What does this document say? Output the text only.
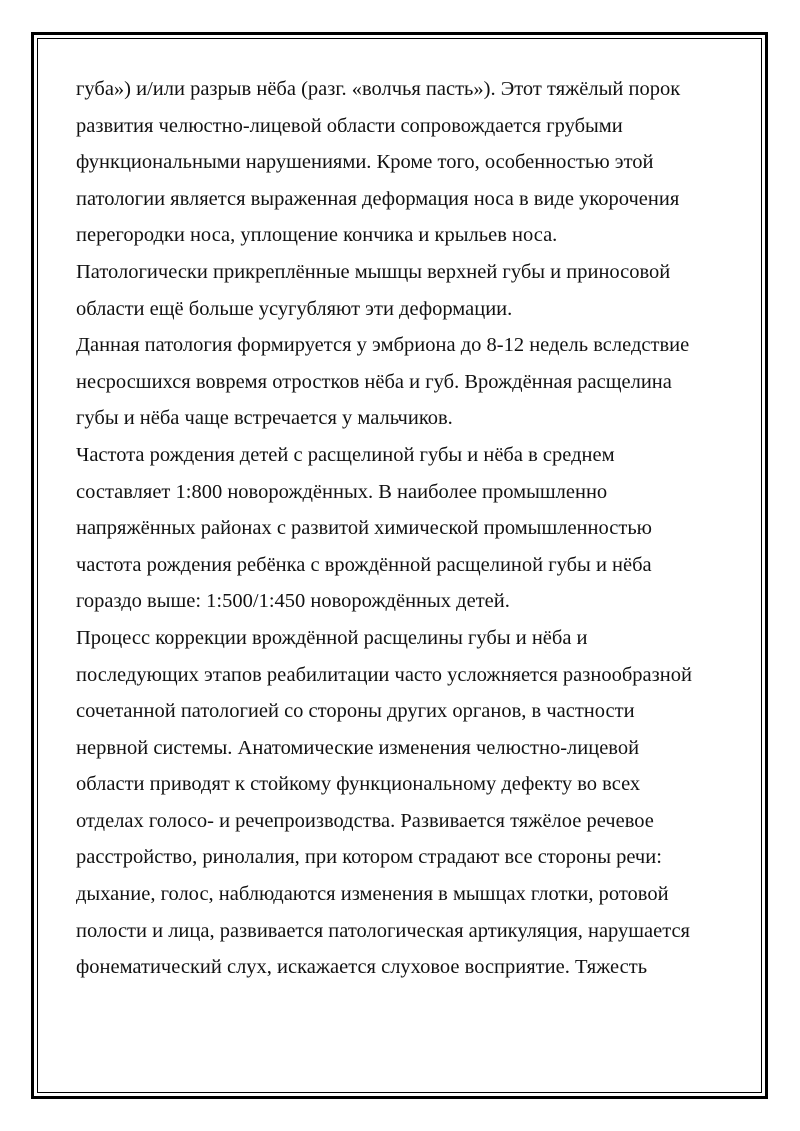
губа») и/или разрыв нёба (разг. «волчья пасть»). Этот тяжёлый порок
развития челюстно-лицевой области сопровождается грубыми
функциональными нарушениями. Кроме того, особенностью этой
патологии является выраженная деформация носа в виде укорочения
перегородки носа, уплощение кончика и крыльев носа.
Патологически прикреплённые мышцы верхней губы и приносовой
области ещё больше усугубляют эти деформации.
Данная патология формируется у эмбриона до 8-12 недель вследствие
несросшихся вовремя отростков нёба и губ. Врождённая расщелина
губы и нёба чаще встречается у мальчиков.
Частота рождения детей с расщелиной губы и нёба в среднем
составляет 1:800 новорождённых. В наиболее промышленно
напряжённых районах с развитой химической промышленностью
частота рождения ребёнка с врождённой расщелиной губы и нёба
гораздо выше: 1:500/1:450 новорождённых детей.
Процесс коррекции врождённой расщелины губы и нёба и
последующих этапов реабилитации часто усложняется разнообразной
сочетанной патологией со стороны других органов, в частности
нервной системы. Анатомические изменения челюстно-лицевой
области приводят к стойкому функциональному дефекту во всех
отделах голосо- и речепроизводства. Развивается тяжёлое речевое
расстройство, ринолалия, при котором страдают все стороны речи:
дыхание, голос, наблюдаются изменения в мышцах глотки, ротовой
полости и лица, развивается патологическая артикуляция, нарушается
фонематический слух, искажается слуховое восприятие. Тяжесть
